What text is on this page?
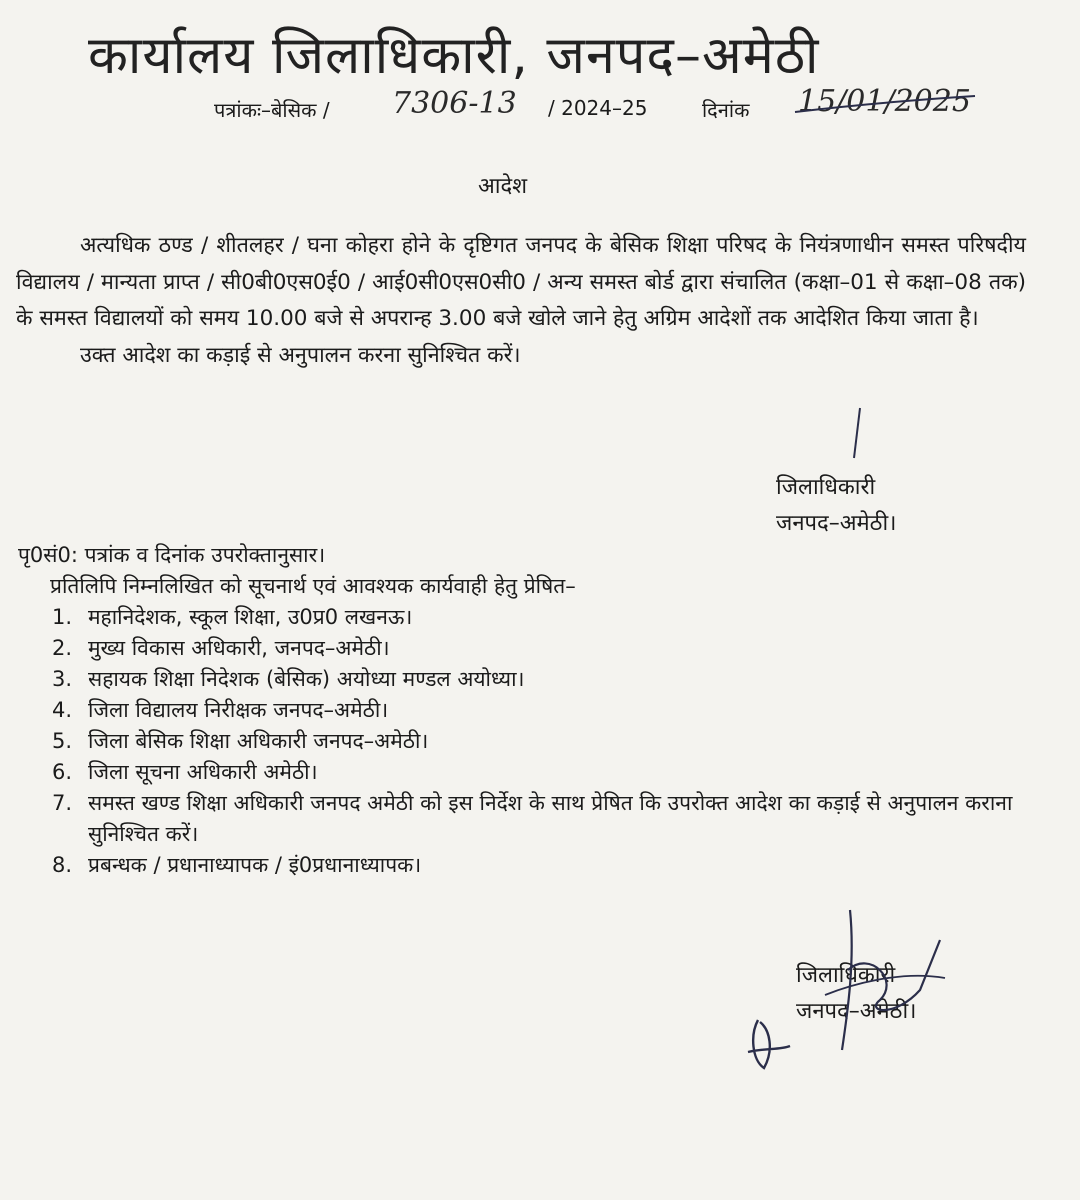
कार्यालय जिलाधिकारी, जनपद–अमेठी
पत्रांकः–बेसिक / 7306-13 / 2024–25	दिनांक 15/01/2025
आदेश

अत्यधिक ठण्ड / शीतलहर / घना कोहरा होने के दृष्टिगत जनपद के बेसिक शिक्षा परिषद के नियंत्रणाधीन समस्त परिषदीय विद्यालय / मान्यता प्राप्त / सी0बी0एस0ई0 / आई0सी0एस0सी0 / अन्य समस्त बोर्ड द्वारा संचालित (कक्षा–01 से कक्षा–08 तक) के समस्त विद्यालयों को समय 10.00 बजे से अपरान्ह 3.00 बजे खोले जाने हेतु अग्रिम आदेशों तक आदेशित किया जाता है।

उक्त आदेश का कड़ाई से अनुपालन करना सुनिश्चित करें।

जिलाधिकारी
जनपद–अमेठी।
पृ0सं0: पत्रांक व दिनांक उपरोक्तानुसार।
प्रतिलिपि निम्नलिखित को सूचनार्थ एवं आवश्यक कार्यवाही हेतु प्रेषित–
1. महानिदेशक, स्कूल शिक्षा, उ0प्र0 लखनऊ।
2. मुख्य विकास अधिकारी, जनपद–अमेठी।
3. सहायक शिक्षा निदेशक (बेसिक) अयोध्या मण्डल अयोध्या।
4. जिला विद्यालय निरीक्षक जनपद–अमेठी।
5. जिला बेसिक शिक्षा अधिकारी जनपद–अमेठी।
6. जिला सूचना अधिकारी अमेठी।
7. समस्त खण्ड शिक्षा अधिकारी जनपद अमेठी को इस निर्देश के साथ प्रेषित कि उपरोक्त आदेश का कड़ाई से अनुपालन कराना सुनिश्चित करें।
8. प्रबन्धक / प्रधानाध्यापक / इं0प्रधानाध्यापक।
जिलाधिकारी
जनपद–अमेठी।
